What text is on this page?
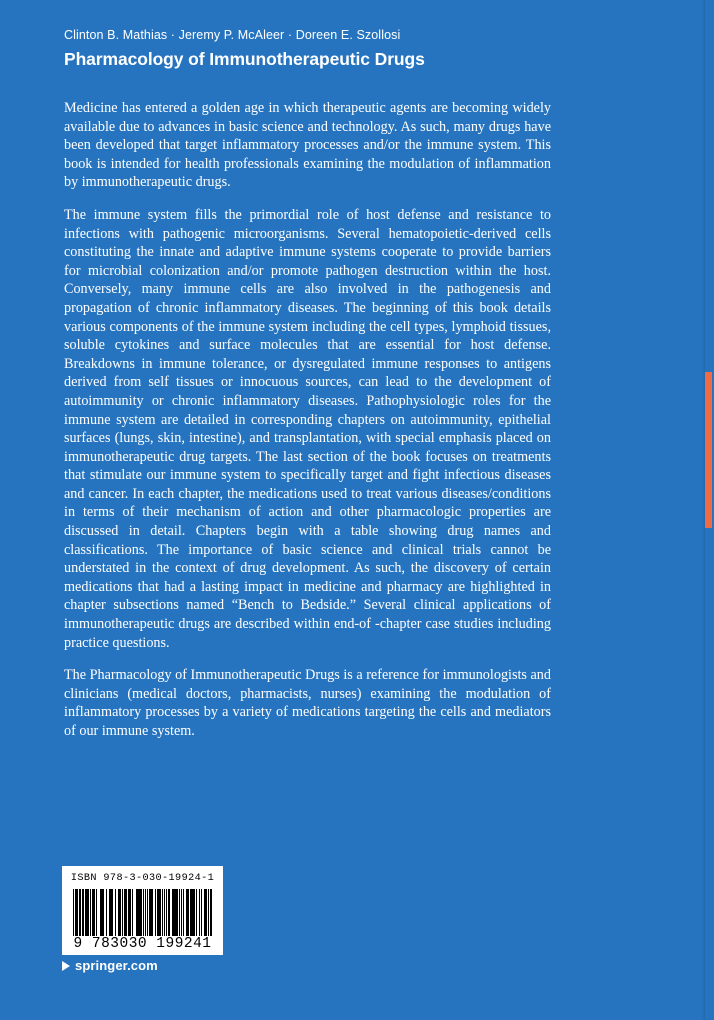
Clinton B. Mathias · Jeremy P. McAleer · Doreen E. Szollosi
Pharmacology of Immunotherapeutic Drugs

Medicine has entered a golden age in which therapeutic agents are becoming widely available due to advances in basic science and technology. As such, many drugs have been developed that target inflammatory processes and/or the immune system. This book is intended for health professionals examining the modulation of inflammation by immunotherapeutic drugs.

The immune system fills the primordial role of host defense and resistance to infections with pathogenic microorganisms. Several hematopoietic-derived cells constituting the innate and adaptive immune systems cooperate to provide barriers for microbial colonization and/or promote pathogen destruction within the host. Conversely, many immune cells are also involved in the pathogenesis and propagation of chronic inflammatory diseases. The beginning of this book details various components of the immune system including the cell types, lymphoid tissues, soluble cytokines and surface molecules that are essential for host defense. Breakdowns in immune tolerance, or dysregulated immune responses to antigens derived from self tissues or innocuous sources, can lead to the development of autoimmunity or chronic inflammatory diseases. Pathophysiologic roles for the immune system are detailed in corresponding chapters on autoimmunity, epithelial surfaces (lungs, skin, intestine), and transplantation, with special emphasis placed on immunotherapeutic drug targets. The last section of the book focuses on treatments that stimulate our immune system to specifically target and fight infectious diseases and cancer. In each chapter, the medications used to treat various diseases/conditions in terms of their mechanism of action and other pharmacologic properties are discussed in detail. Chapters begin with a table showing drug names and classifications. The importance of basic science and clinical trials cannot be understated in the context of drug development. As such, the discovery of certain medications that had a lasting impact in medicine and pharmacy are highlighted in chapter subsections named “Bench to Bedside.” Several clinical applications of immunotherapeutic drugs are described within end-of -chapter case studies including practice questions.

The Pharmacology of Immunotherapeutic Drugs is a reference for immunologists and clinicians (medical doctors, pharmacists, nurses) examining the modulation of inflammatory processes by a variety of medications targeting the cells and mediators of our immune system.

ISBN 978-3-030-19924-1
9 783030 199241
springer.com
